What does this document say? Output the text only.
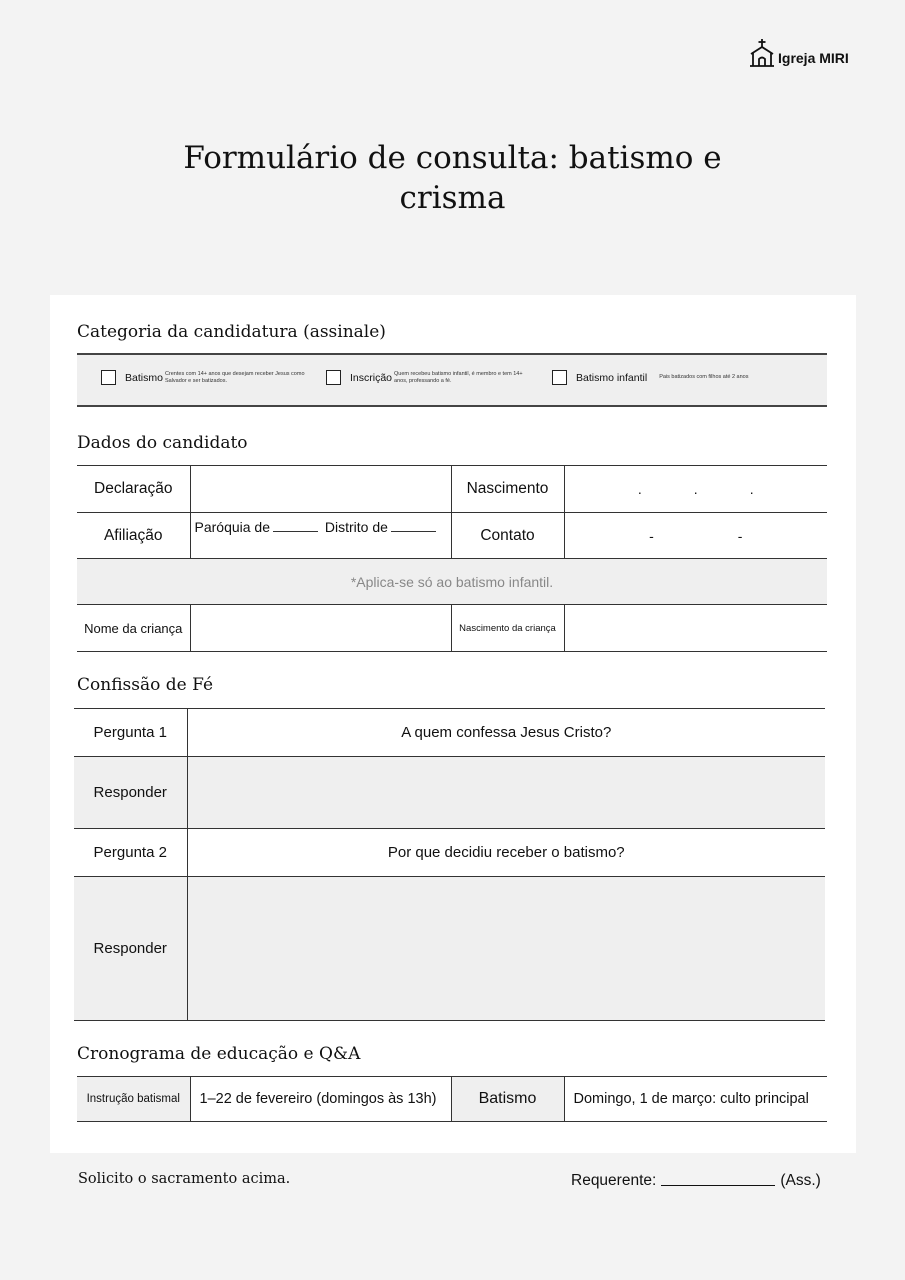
Igreja MIRI
Formulário de consulta: batismo e
crisma
Categoria da candidatura (assinale)
Batismo Crentes com 14+ anos que desejam receber Jesus como Salvador e ser batizados.	Inscrição Quem recebeu batismo infantil, é membro e tem 14+ anos, professando a fé.	Batismo infantil Pais batizados com filhos até 2 anos
Dados do candidato
Declaração		Nascimento	. . .

Afiliação	Paróquia de Distrito de	Contato	- -

*Aplica-se só ao batismo infantil.			
Nome da criança		Nascimento da criança	
Confissão de Fé
Pergunta 1	A quem confessa Jesus Cristo?
Responder	
Pergunta 2	Por que decidiu receber o batismo?
Responder	
Cronograma de educação e Q&A
Instrução batismal	1–22 de fevereiro (domingos às 13h)	Batismo	Domingo, 1 de março: culto principal
Solicito o sacramento acima.	Requerente:	(Ass.)
